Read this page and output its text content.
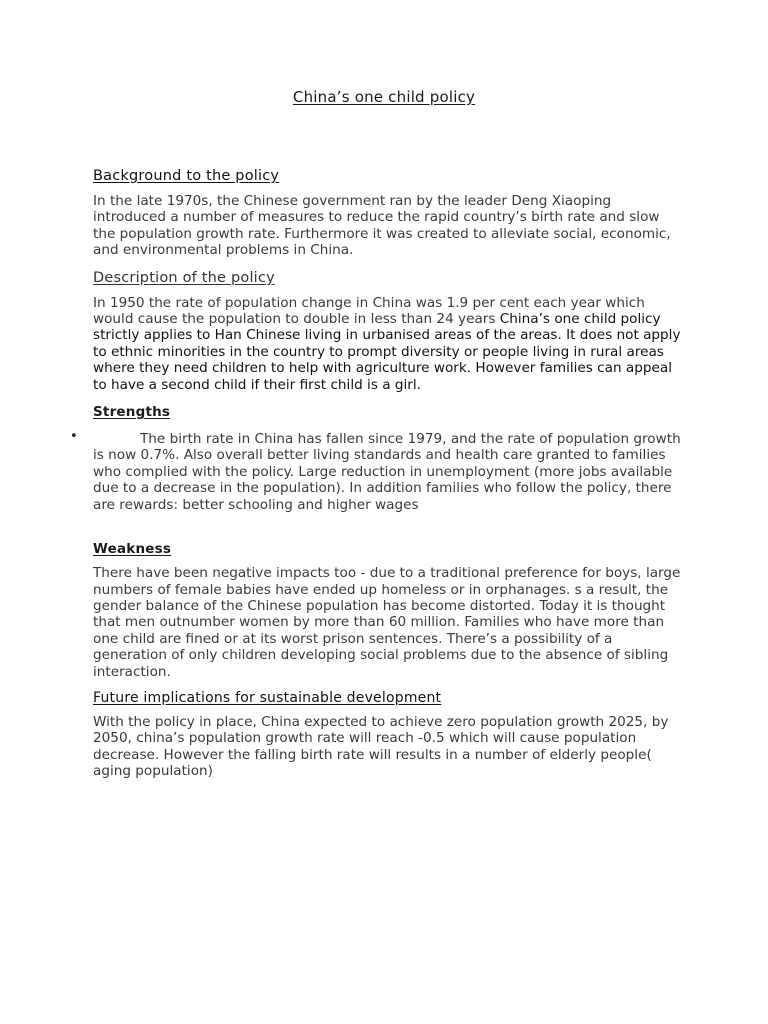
China’s one child policy
Background to the policy

In the late 1970s, the Chinese government ran by the leader Deng Xiaoping introduced a number of measures to reduce the rapid country’s birth rate and slow the population growth rate. Furthermore it was created to alleviate social, economic, and environmental problems in China.

Description of the policy

In 1950 the rate of population change in China was 1.9 per cent each year which would cause the population to double in less than 24 years China’s one child policy strictly applies to Han Chinese living in urbanised areas of the areas. It does not apply to ethnic minorities in the country to prompt diversity or people living in rural areas where they need children to help with agriculture work. However families can appeal to have a second child if their first child is a girl.

Strengths
•	The birth rate in China has fallen since 1979, and the rate of population growth is now 0.7%. Also overall better living standards and health care granted to families who complied with the policy. Large reduction in unemployment (more jobs available due to a decrease in the population). In addition families who follow the policy, there are rewards: better schooling and higher wages

Weakness

There have been negative impacts too - due to a traditional preference for boys, large numbers of female babies have ended up homeless or in orphanages. s a result, the gender balance of the Chinese population has become distorted. Today it is thought that men outnumber women by more than 60 million. Families who have more than one child are fined or at its worst prison sentences. There’s a possibility of a generation of only children developing social problems due to the absence of sibling interaction.

Future implications for sustainable development

With the policy in place, China expected to achieve zero population growth 2025, by 2050, china’s population growth rate will reach -0.5 which will cause population decrease. However the falling birth rate will results in a number of elderly people( aging population)
